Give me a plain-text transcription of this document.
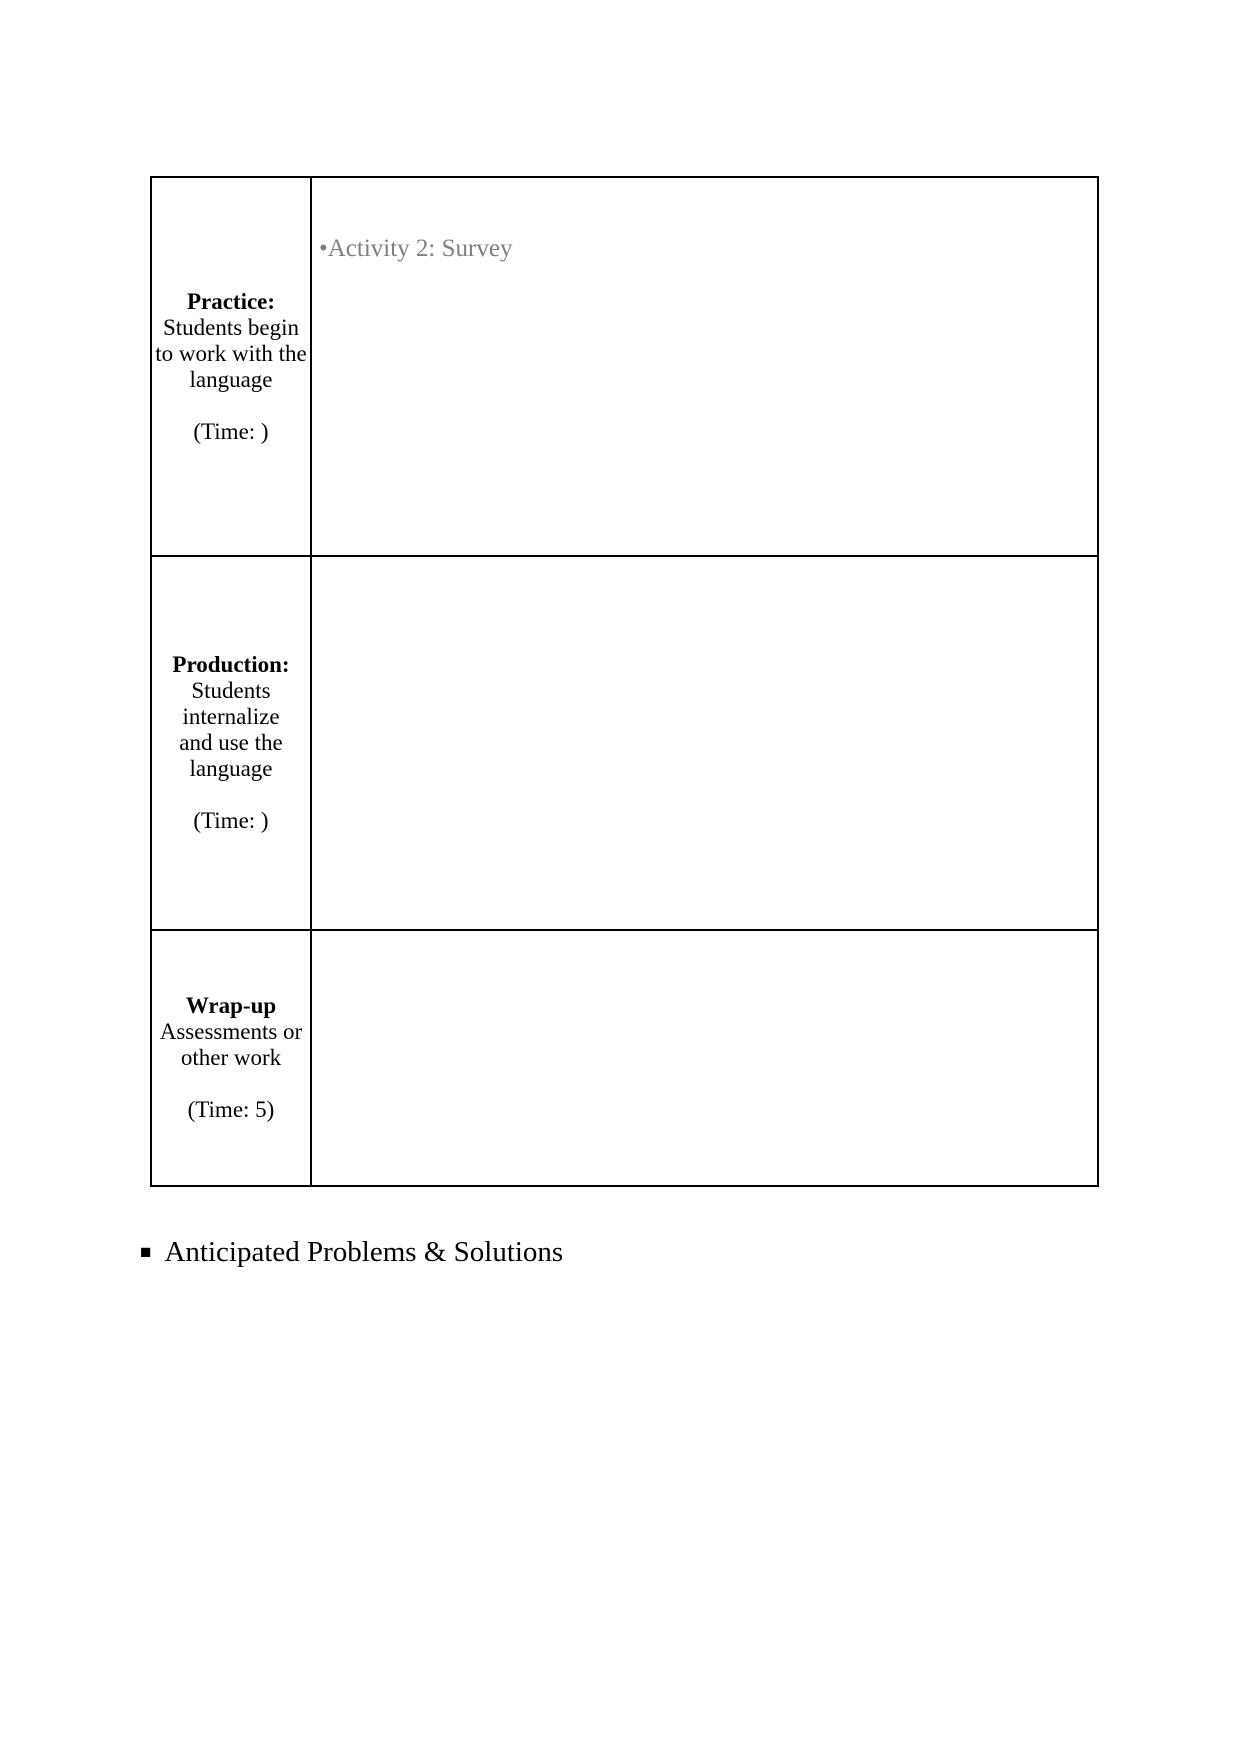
Practice:
Students begin
to work with the
language
(Time: )	•Activity 2: Survey

Production:
Students
internalize
and use the
language
(Time: )

Wrap-up
Assessments or
other work
(Time: 5)	

■ Anticipated Problems & Solutions
